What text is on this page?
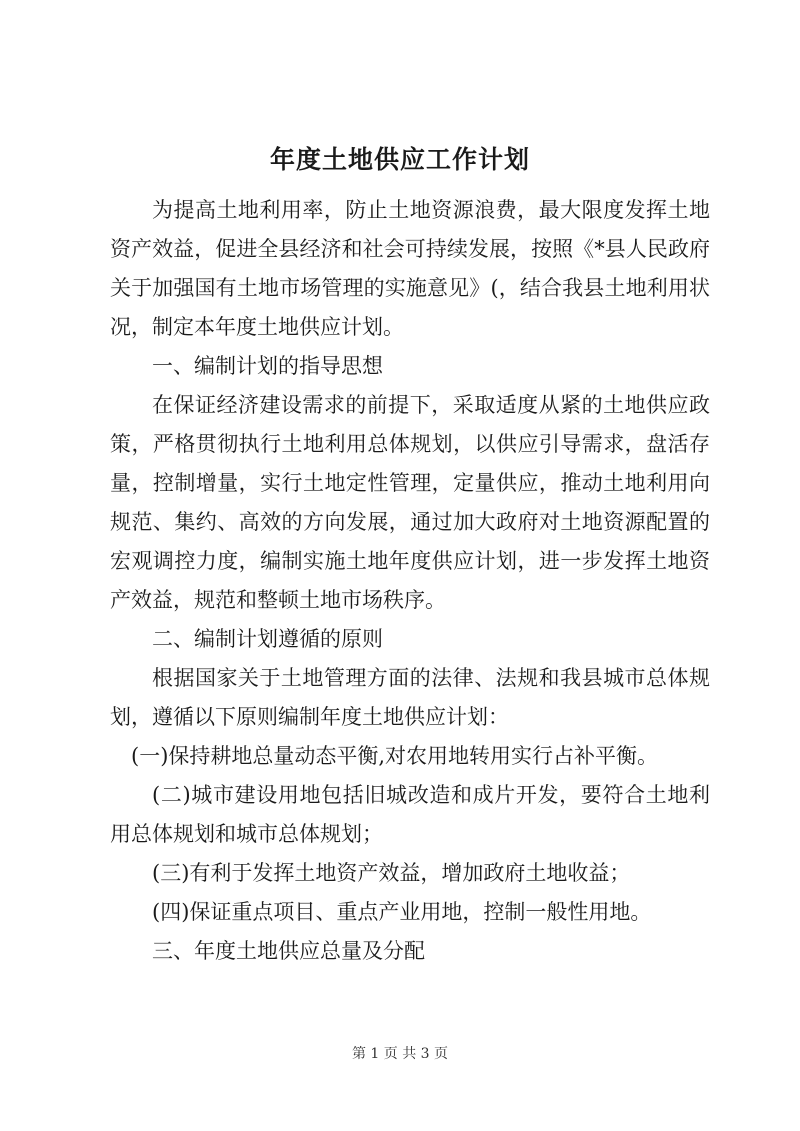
年度土地供应工作计划

为提高土地利用率，防止土地资源浪费，最大限度发挥土地资产效益，促进全县经济和社会可持续发展，按照《*县人民政府关于加强国有土地市场管理的实施意见》(，结合我县土地利用状况，制定本年度土地供应计划。

一、编制计划的指导思想

在保证经济建设需求的前提下，采取适度从紧的土地供应政策，严格贯彻执行土地利用总体规划，以供应引导需求，盘活存量，控制增量，实行土地定性管理，定量供应，推动土地利用向规范、集约、高效的方向发展，通过加大政府对土地资源配置的宏观调控力度，编制实施土地年度供应计划，进一步发挥土地资产效益，规范和整顿土地市场秩序。

二、编制计划遵循的原则

根据国家关于土地管理方面的法律、法规和我县城市总体规划，遵循以下原则编制年度土地供应计划：

(一)保持耕地总量动态平衡,对农用地转用实行占补平衡。

(二)城市建设用地包括旧城改造和成片开发，要符合土地利用总体规划和城市总体规划；

(三)有利于发挥土地资产效益，增加政府土地收益；

(四)保证重点项目、重点产业用地，控制一般性用地。

三、年度土地供应总量及分配

第 1 页 共 3 页
